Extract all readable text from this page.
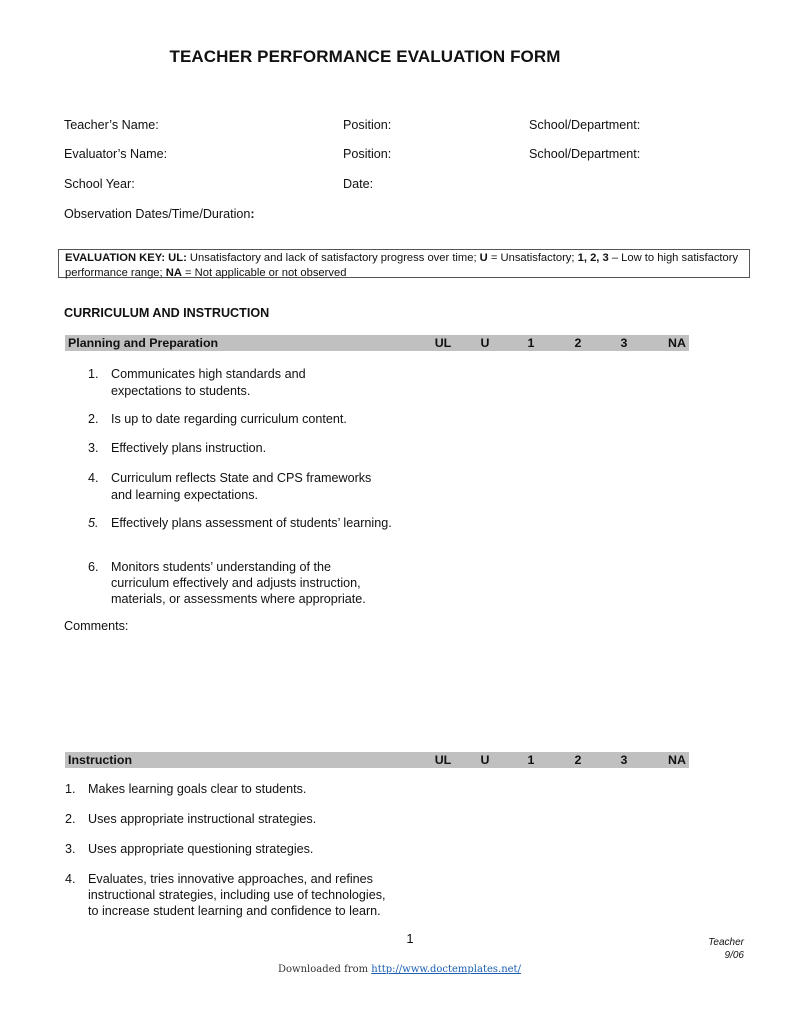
TEACHER PERFORMANCE EVALUATION FORM
Teacher’s Name:	Position:	School/Department:
Evaluator’s Name:	Position:	School/Department:
School Year:	Date:
Observation Dates/Time/Duration:
EVALUATION KEY: UL: Unsatisfactory and lack of satisfactory progress over time; U = Unsatisfactory; 1, 2, 3 – Low to high satisfactory performance range; NA = Not applicable or not observed
CURRICULUM AND INSTRUCTION
Planning and Preparation	UL	U	1	2	3	NA
1. Communicates high standards and
expectations to students.
2. Is up to date regarding curriculum content.
3. Effectively plans instruction.
4. Curriculum reflects State and CPS frameworks
and learning expectations.
5. Effectively plans assessment of students’ learning.
6. Monitors students’ understanding of the
curriculum effectively and adjusts instruction,
materials, or assessments where appropriate.
Comments:
Instruction	UL	U	1	2	3	NA
1. Makes learning goals clear to students.
2. Uses appropriate instructional strategies.
3. Uses appropriate questioning strategies.
4. Evaluates, tries innovative approaches, and refines
instructional strategies, including use of technologies,
to increase student learning and confidence to learn.
1	Teacher
9/06
Downloaded from http://www.doctemplates.net/
